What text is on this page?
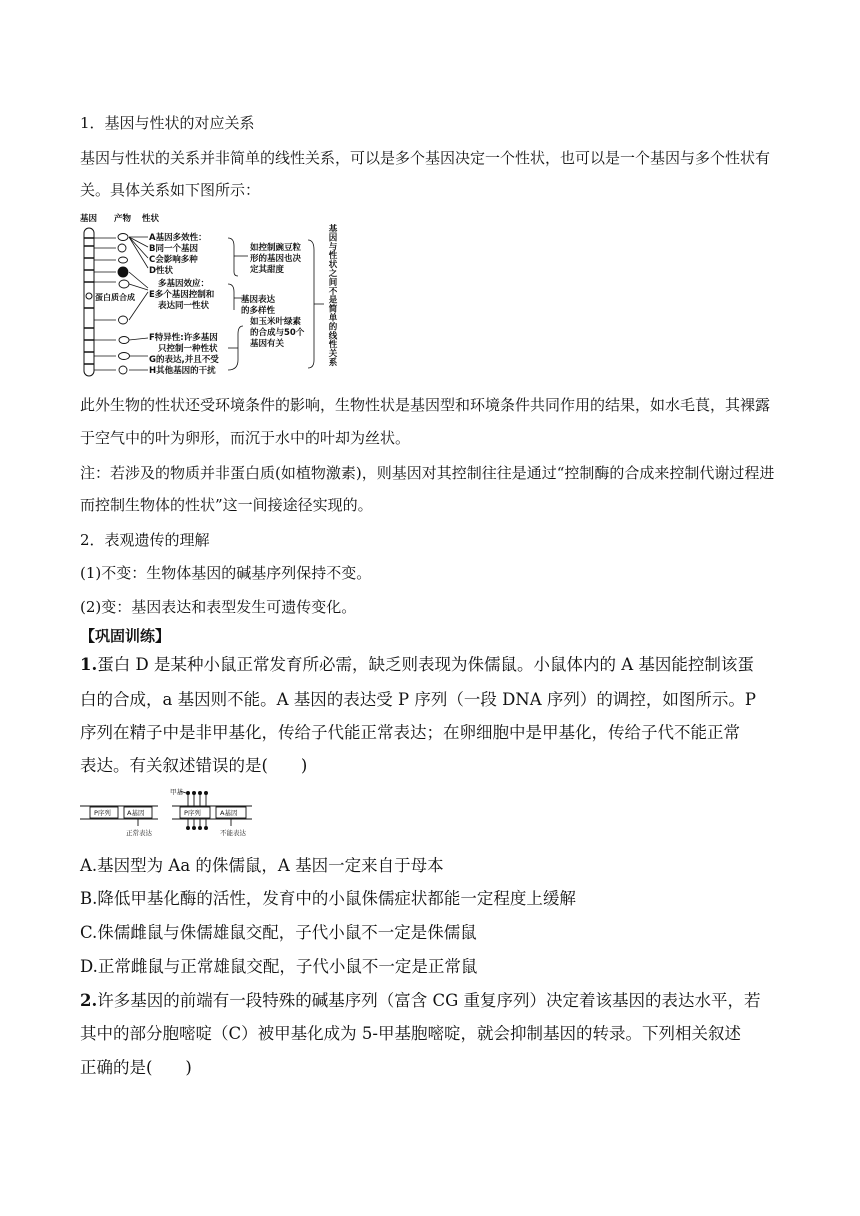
1．基因与性状的对应关系
基因与性状的关系并非简单的线性关系，可以是多个基因决定一个性状，也可以是一个基因与多个性状有
关。具体关系如下图所示：
基因 产物 性状
蛋白质合成
A基因多效性：
B同一个基因
C会影响多种
D性状
多基因效应：
E多个基因控制和
表达同一性状
F特异性:许多基因
只控制一种性状
G的表达,并且不受
H其他基因的干扰
如控制豌豆粒
形的基因也决
定其甜度
基因表达
的多样性
如玉米叶绿素
的合成与50个
基因有关	基因与性状之间不是简单的线性关系
此外生物的性状还受环境条件的影响，生物性状是基因型和环境条件共同作用的结果，如水毛茛，其裸露
于空气中的叶为卵形，而沉于水中的叶却为丝状。
注：若涉及的物质并非蛋白质(如植物激素)，则基因对其控制往往是通过“控制酶的合成来控制代谢过程进
而控制生物体的性状”这一间接途径实现的。
2．表观遗传的理解
(1)不变：生物体基因的碱基序列保持不变。
(2)变：基因表达和表型发生可遗传变化。
【巩固训练】
1.蛋白 D 是某种小鼠正常发育所必需，缺乏则表现为侏儒鼠。小鼠体内的 A 基因能控制该蛋
白的合成，a 基因则不能。A 基因的表达受 P 序列（一段 DNA 序列）的调控，如图所示。P
序列在精子中是非甲基化，传给子代能正常表达；在卵细胞中是甲基化，传给子代不能正常
表达。有关叙述错误的是(　　)
P序列 A基因
正常表达
P序列	A基因
甲基
不能表达
A.基因型为 Aa 的侏儒鼠，A 基因一定来自于母本
B.降低甲基化酶的活性，发育中的小鼠侏儒症状都能一定程度上缓解
C.侏儒雌鼠与侏儒雄鼠交配，子代小鼠不一定是侏儒鼠
D.正常雌鼠与正常雄鼠交配，子代小鼠不一定是正常鼠
2.许多基因的前端有一段特殊的碱基序列（富含 CG 重复序列）决定着该基因的表达水平，若
其中的部分胞嘧啶（C）被甲基化成为 5-甲基胞嘧啶，就会抑制基因的转录。下列相关叙述
正确的是(　　)
